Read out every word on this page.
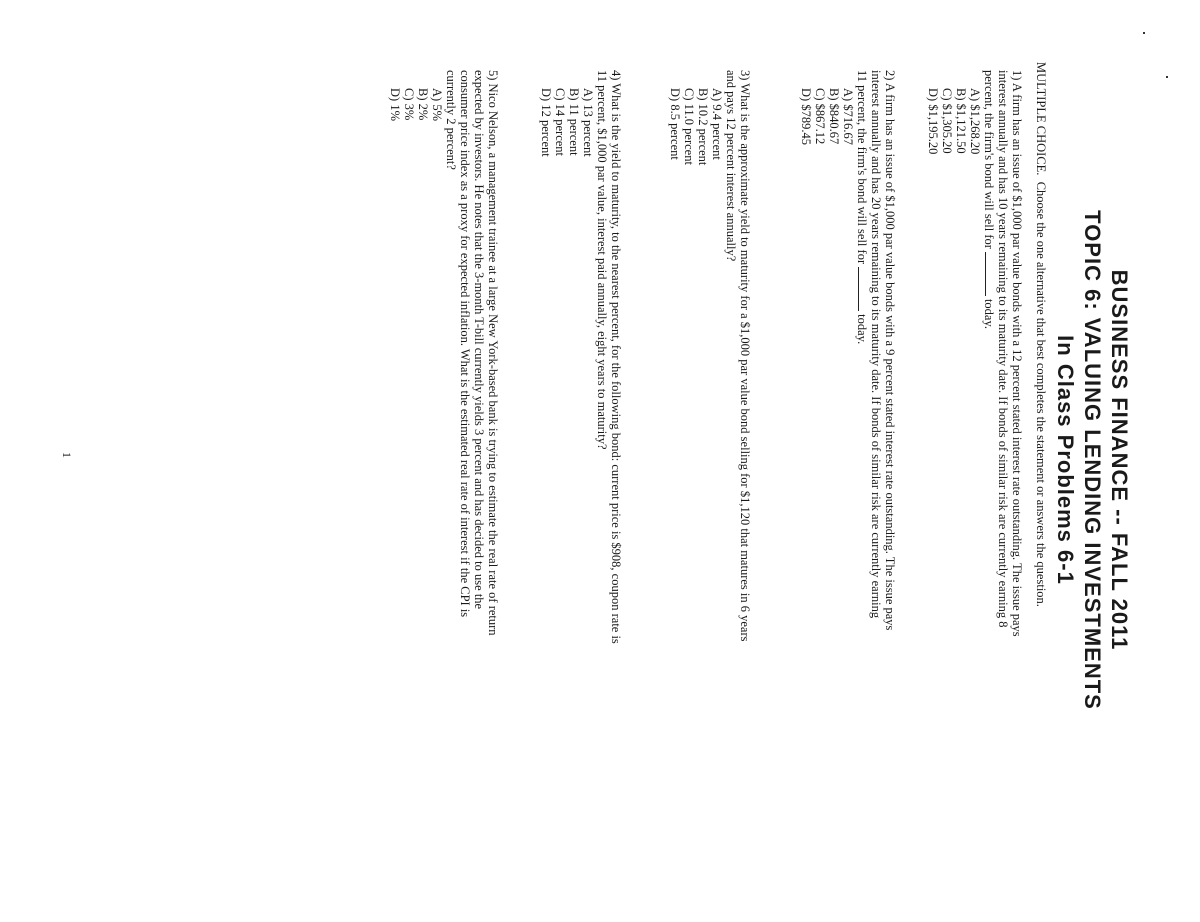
BUSINESS FINANCE -- FALL 2011
TOPIC 6: VALUING LENDING INVESTMENTS
In Class Problems 6-1
MULTIPLE CHOICE.  Choose the one alternative that best completes the statement or answers the question.
1) A firm has an issue of $1,000 par value bonds with a 12 percent stated interest rate outstanding. The issue pays
interest annually and has 10 years remaining to its maturity date. If bonds of similar risk are currently earning 8
percent, the firm's bond will sell fortoday.
A) $1,268.20
B) $1,121.50
C) $1,305.20
D) $1,195.20
2) A firm has an issue of $1,000 par value bonds with a 9 percent stated interest rate outstanding. The issue pays
interest annually and has 20 years remaining to its maturity date. If bonds of similar risk are currently earning
11 percent, the firm's bond will sell fortoday.
A) $716.67
B) $840.67
C) $867.12
D) $789.45
3) What is the approximate yield to maturity for a $1,000 par value bond selling for $1,120 that matures in 6 years
and pays 12 percent interest annually?
A) 9.4 percent
B) 10.2 percent
C) 11.0 percent
D) 8.5 percent
4) What is the yield to maturity, to the nearest percent, for the following bond: current price is $908, coupon rate is
11 percent, $1,000 par value, interest paid annually, eight years to maturity?
A) 13 percent
B) 11 percent
C) 14 percent
D) 12 percent
5) Nico Nelson, a management trainee at a large New York-based bank is trying to estimate the real rate of return
expected by investors. He notes that the 3-month T-bill currently yields 3 percent and has decided to use the
consumer price index as a proxy for expected inflation. What is the estimated real rate of interest if the CPI is
currently 2 percent?
A) 5%
B) 2%
C) 3%
D) 1%
1
